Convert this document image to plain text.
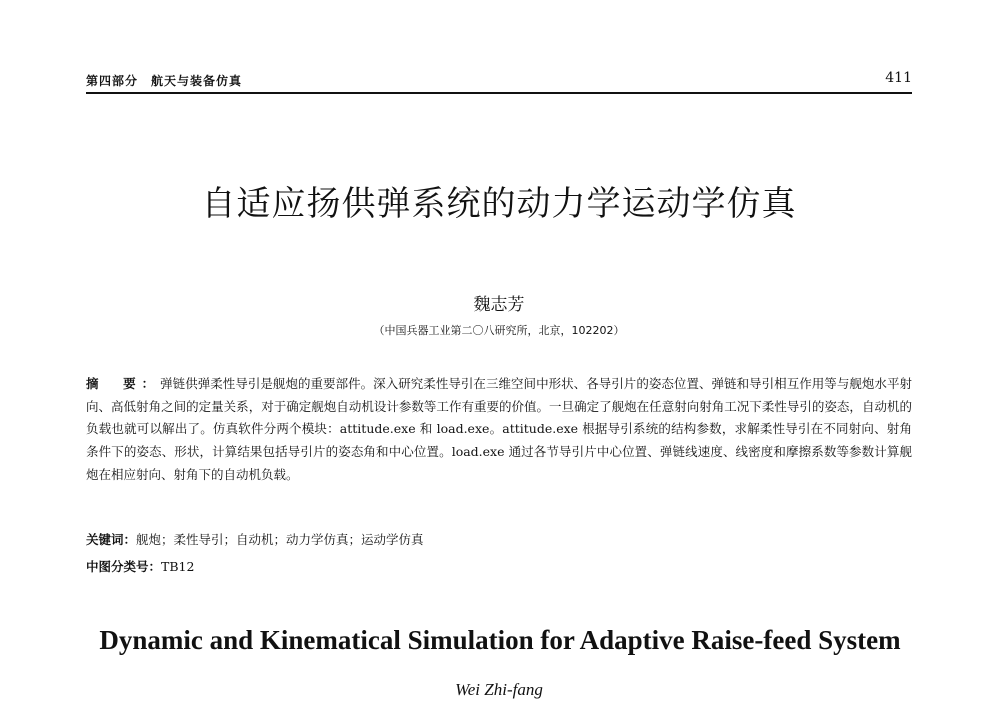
第四部分　航天与装备仿真	411
自适应扬供弹系统的动力学运动学仿真
魏志芳
（中国兵器工业第二〇八研究所，北京，102202）
摘　要：弹链供弹柔性导引是舰炮的重要部件。深入研究柔性导引在三维空间中形状、各导引片的姿态位置、弹链和导引相互作用等与舰炮水平射向、高低射角之间的定量关系，对于确定舰炮自动机设计参数等工作有重要的价值。一旦确定了舰炮在任意射向射角工况下柔性导引的姿态，自动机的负载也就可以解出了。仿真软件分两个模块：attitude.exe 和 load.exe。attitude.exe 根据导引系统的结构参数，求解柔性导引在不同射向、射角条件下的姿态、形状，计算结果包括导引片的姿态角和中心位置。load.exe 通过各节导引片中心位置、弹链线速度、线密度和摩擦系数等参数计算舰炮在相应射向、射角下的自动机负载。
关键词：舰炮；柔性导引；自动机；动力学仿真；运动学仿真
中图分类号：TB12
Dynamic and Kinematical Simulation for Adaptive Raise-feed System
Wei Zhi-fang
